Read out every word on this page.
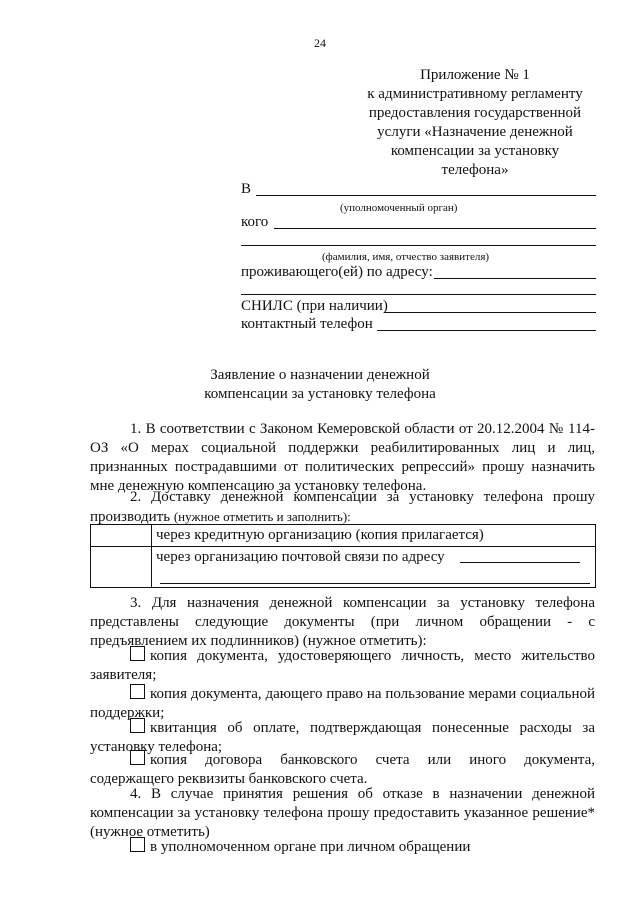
24
Приложение № 1
к административному регламенту
предоставления государственной
услуги «Назначение денежной
компенсации за установку
телефона»
В
(уполномоченный орган)
кого
(фамилия, имя, отчество заявителя)
проживающего(ей) по адресу:
СНИЛС (при наличии)
контактный телефон
Заявление о назначении денежной
компенсации за установку телефона
1. В соответствии с Законом Кемеровской области от 20.12.2004 № 114-ОЗ «О мерах социальной поддержки реабилитированных лиц и лиц, признанных пострадавшими от политических репрессий» прошу назначить мне денежную компенсацию за установку телефона.
2. Доставку денежной компенсации за установку телефона прошу производить (нужное отметить и заполнить):
	через кредитную организацию (копия прилагается)
	через организацию почтовой связи по адресу
3. Для назначения денежной компенсации за установку телефона представлены следующие документы (при личном обращении - с предъявлением их подлинников) (нужное отметить):
копия документа, удостоверяющего личность, место жительство заявителя;
копия документа, дающего право на пользование мерами социальной поддержки;
квитанция об оплате, подтверждающая понесенные расходы за установку телефона;
копия договора банковского счета или иного документа, содержащего реквизиты банковского счета.
4. В случае принятия решения об отказе в назначении денежной компенсации за установку телефона прошу предоставить указанное решение* (нужное отметить)
в уполномоченном органе при личном обращении
